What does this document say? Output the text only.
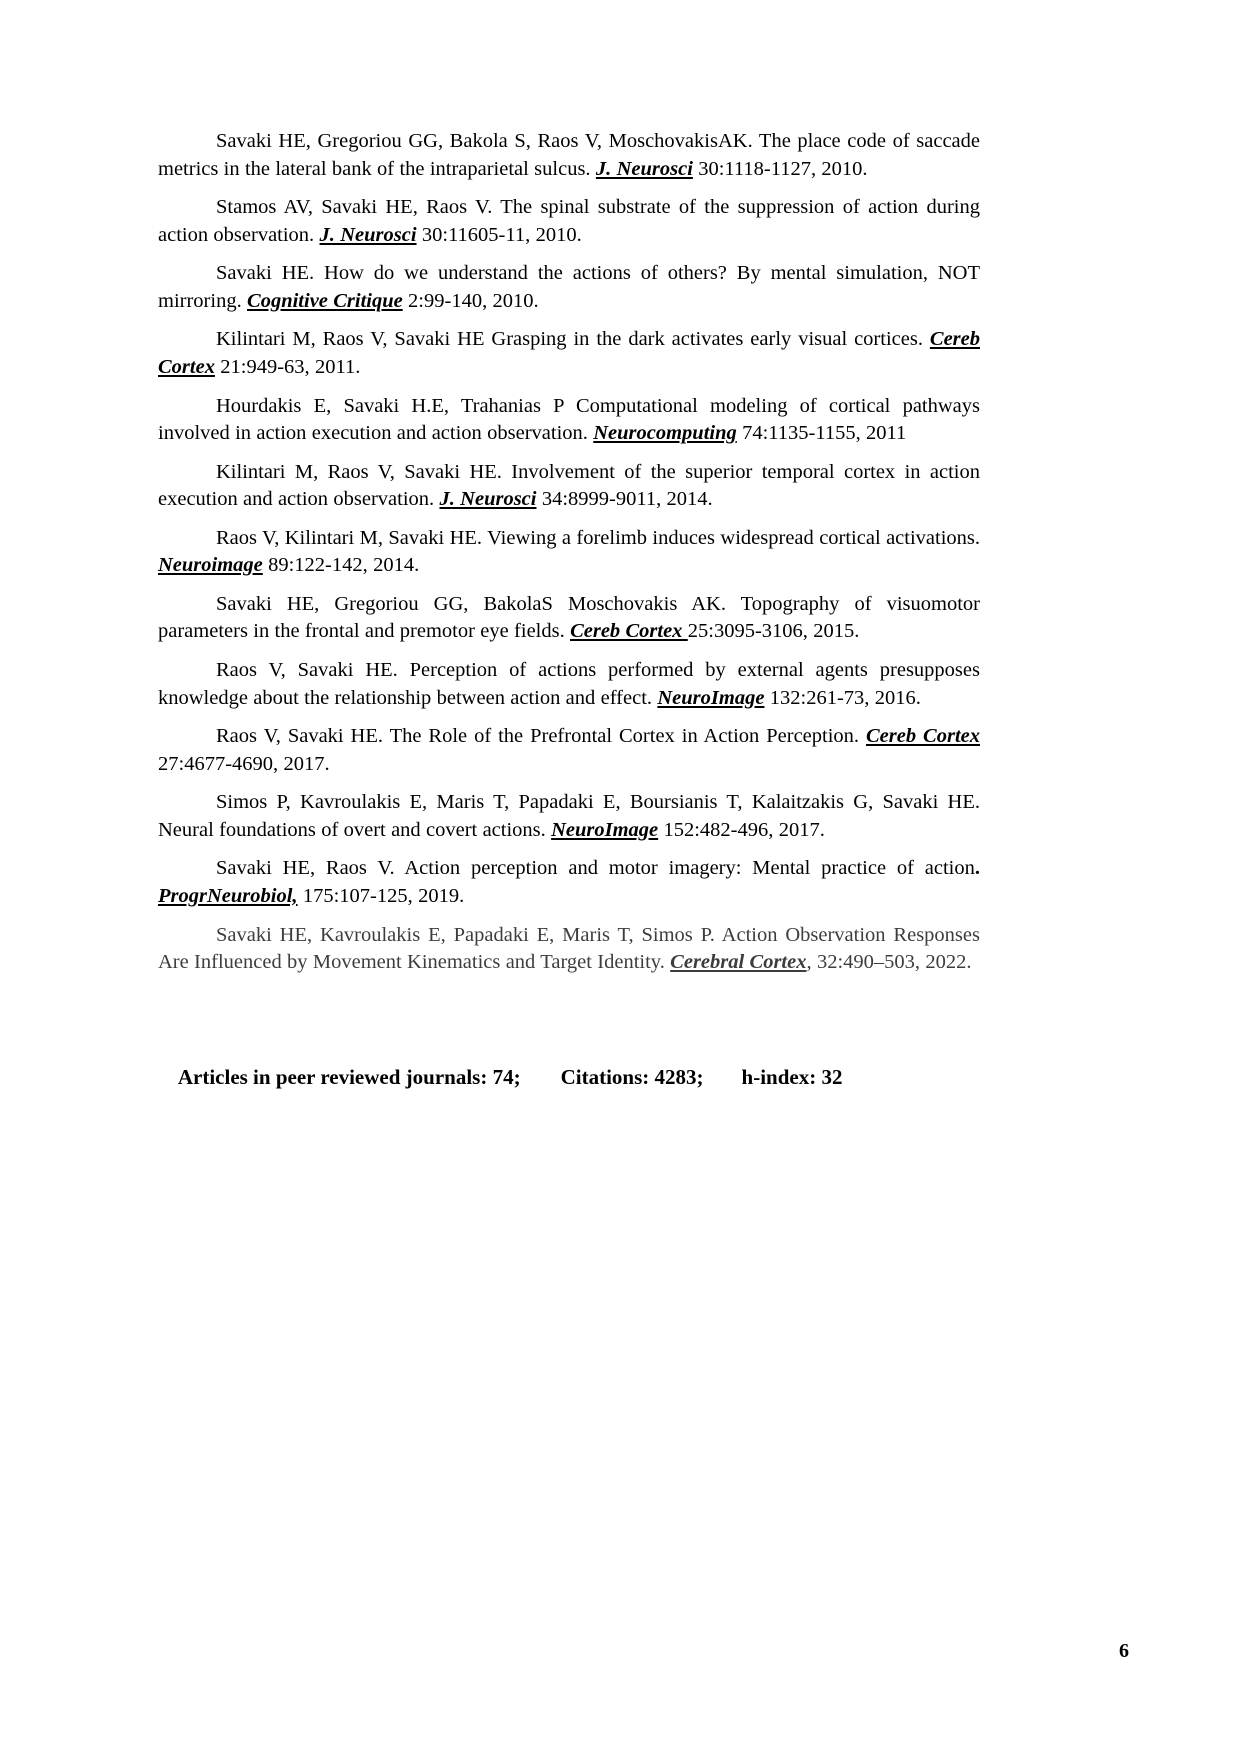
Savaki HE, Gregoriou GG, Bakola S, Raos V, MoschovakisAK. The place code of saccade metrics in the lateral bank of the intraparietal sulcus. J. Neurosci 30:1118-1127, 2010.

Stamos AV, Savaki HE, Raos V. The spinal substrate of the suppression of action during action observation. J. Neurosci 30:11605-11, 2010.

Savaki HE. How do we understand the actions of others? By mental simulation, NOT mirroring. Cognitive Critique 2:99-140, 2010.

Kilintari M, Raos V, Savaki HE Grasping in the dark activates early visual cortices. Cereb Cortex 21:949-63, 2011.

Hourdakis E, Savaki H.E, Trahanias P Computational modeling of cortical pathways involved in action execution and action observation. Neurocomputing 74:1135-1155, 2011

Kilintari M, Raos V, Savaki HE. Involvement of the superior temporal cortex in action execution and action observation. J. Neurosci 34:8999-9011, 2014.

Raos V, Kilintari M, Savaki HE. Viewing a forelimb induces widespread cortical activations. Neuroimage 89:122-142, 2014.

Savaki HE, Gregoriou GG, BakolaS Moschovakis AK. Topography of visuomotor parameters in the frontal and premotor eye fields. Cereb Cortex 25:3095-3106, 2015.

Raos V, Savaki HE. Perception of actions performed by external agents presupposes knowledge about the relationship between action and effect. NeuroImage 132:261-73, 2016.

Raos V, Savaki HE. The Role of the Prefrontal Cortex in Action Perception. Cereb Cortex 27:4677-4690, 2017.

Simos P, Kavroulakis E, Maris T, Papadaki E, Boursianis T, Kalaitzakis G, Savaki HE. Neural foundations of overt and covert actions. NeuroImage 152:482-496, 2017.

Savaki HE, Raos V. Action perception and motor imagery: Mental practice of action. ProgrNeurobiol, 175:107-125, 2019.

Savaki HE, Kavroulakis E, Papadaki E, Maris T, Simos P. Action Observation Responses Are Influenced by Movement Kinematics and Target Identity. Cerebral Cortex, 32:490–503, 2022.

Articles in peer reviewed journals: 74; Citations: 4283; h-index: 32

6
